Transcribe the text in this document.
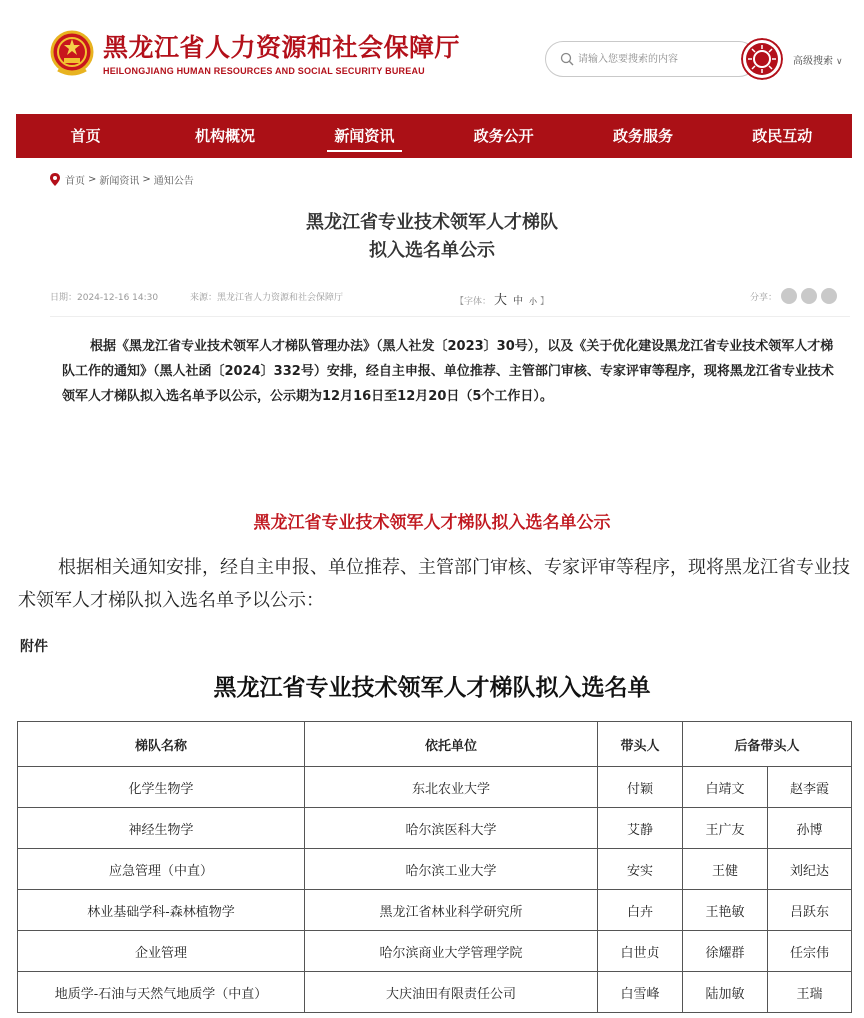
黑龙江省人力资源和社会保障厅
HEILONGJIANG HUMAN RESOURCES AND SOCIAL SECURITY BUREAU
请输入您要搜索的内容
高级搜索 ∨
首页	机构概况	新闻资讯	政务公开	政务服务	政民互动
首页 > 新闻资讯 > 通知公告
黑龙江省专业技术领军人才梯队
拟入选名单公示
日期：2024-12-16 14:30	来源：黑龙江省人力资源和社会保障厅	【字体： 大 中 小 】	分享：
根据《黑龙江省专业技术领军人才梯队管理办法》（黑人社发〔2023〕30号），以及《关于优化建设黑龙江省专业技术领军人才梯队工作的通知》（黑人社函〔2024〕332号）安排，经自主申报、单位推荐、主管部门审核、专家评审等程序，现将黑龙江省专业技术领军人才梯队拟入选名单予以公示，公示期为12月16日至12月20日（5个工作日）。
黑龙江省专业技术领军人才梯队拟入选名单公示
根据相关通知安排，经自主申报、单位推荐、主管部门审核、专家评审等程序，现将黑龙江省专业技术领军人才梯队拟入选名单予以公示：
附件
黑龙江省专业技术领军人才梯队拟入选名单
梯队名称	依托单位	带头人	后备带头人	
化学生物学	东北农业大学	付颖	白靖文	赵李霞
神经生物学	哈尔滨医科大学	艾静	王广友	孙博
应急管理（中直）	哈尔滨工业大学	安实	王健	刘纪达
林业基础学科-森林植物学	黑龙江省林业科学研究所	白卉	王艳敏	吕跃东
企业管理	哈尔滨商业大学管理学院	白世贞	徐耀群	任宗伟
地质学-石油与天然气地质学（中直）	大庆油田有限责任公司	白雪峰	陆加敏	王瑞
